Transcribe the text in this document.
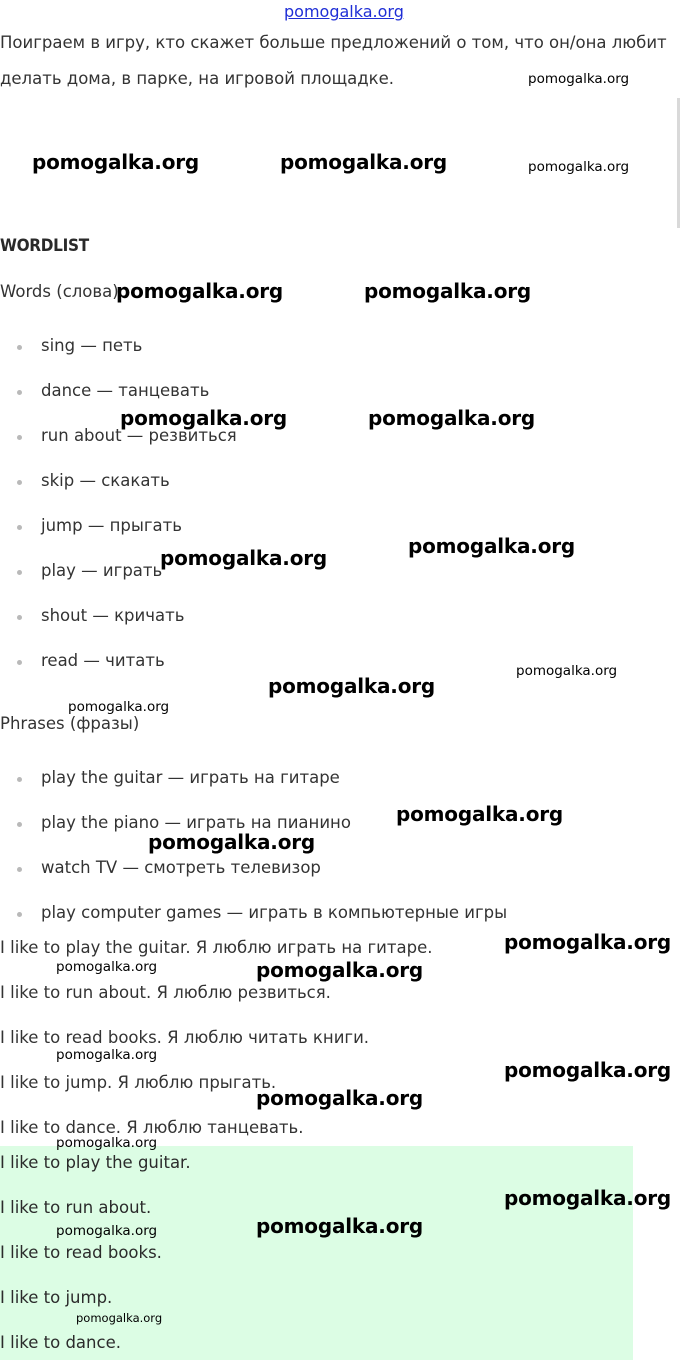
pomogalka.org
Поиграем в игру, кто скажет больше предложений о том, что он/она любит
делать дома, в парке, на игровой площадке.
WORDLIST
Words (слова)
sing — петь
dance — танцевать
run about — резвиться
skip — скакать
jump — прыгать
play — играть
shout — кричать
read — читать
Phrases (фразы)
play the guitar — играть на гитаре
play the piano — играть на пианино
watch TV — смотреть телевизор
play computer games — играть в компьютерные игры
I like to play the guitar. Я люблю играть на гитаре.
I like to run about. Я люблю резвиться.
I like to read books. Я люблю читать книги.
I like to jump. Я люблю прыгать.
I like to dance. Я люблю танцевать.
I like to play the guitar.
I like to run about.
I like to read books.
I like to jump.
I like to dance.
pomogalka.org
pomogalka.org	pomogalka.org	pomogalka.org
pomogalka.org	pomogalka.org
pomogalka.org	pomogalka.org
pomogalka.org
pomogalka.org
pomogalka.org
pomogalka.org
pomogalka.org
pomogalka.org
pomogalka.org
pomogalka.org
pomogalka.org	pomogalka.org
pomogalka.org
pomogalka.org
pomogalka.org
pomogalka.org
pomogalka.org
pomogalka.org
pomogalka.org
pomogalka.org
